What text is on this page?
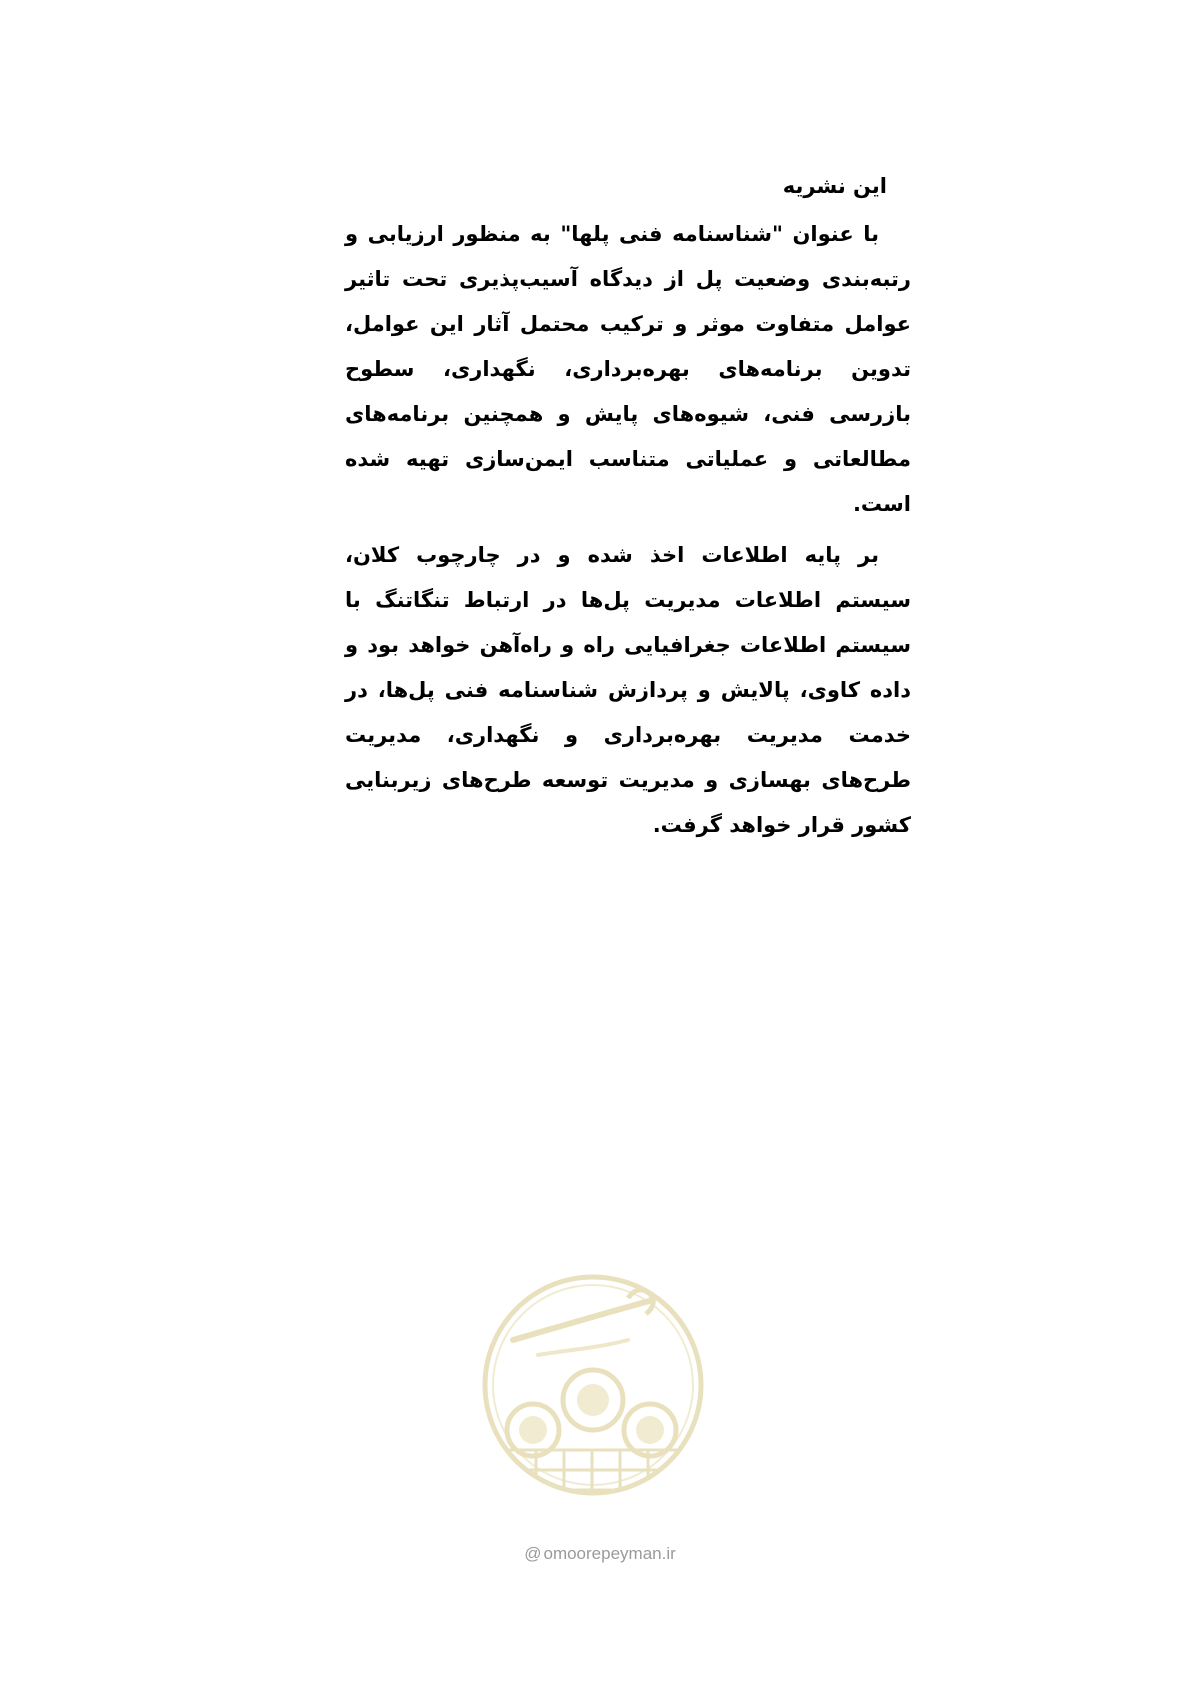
این نشریه

با عنوان "شناسنامه فنی پلها" به منظور ارزیابی و رتبه‌بندی وضعیت پل از دیدگاه آسیب‌پذیری تحت تاثیر عوامل متفاوت موثر و ترکیب محتمل آثار این عوامل، تدوین برنامه‌های بهره‌برداری، نگهداری، سطوح بازرسی فنی، شیوه‌های پایش و همچنین برنامه‌های مطالعاتی و عملیاتی متناسب ایمن‌سازی تهیه شده است.

بر پایه اطلاعات اخذ شده و در چارچوب کلان، سیستم اطلاعات مدیریت پل‌ها در ارتباط تنگاتنگ با سیستم اطلاعات جغرافیایی راه و راه‌آهن خواهد بود و داده کاوی، پالایش و پردازش شناسنامه فنی پل‌ها، در خدمت مدیریت بهره‌برداری و نگهداری، مدیریت طرح‌های بهسازی و مدیریت توسعه طرح‌های زیربنایی کشور قرار خواهد گرفت.

@ omoorepeyman.ir
